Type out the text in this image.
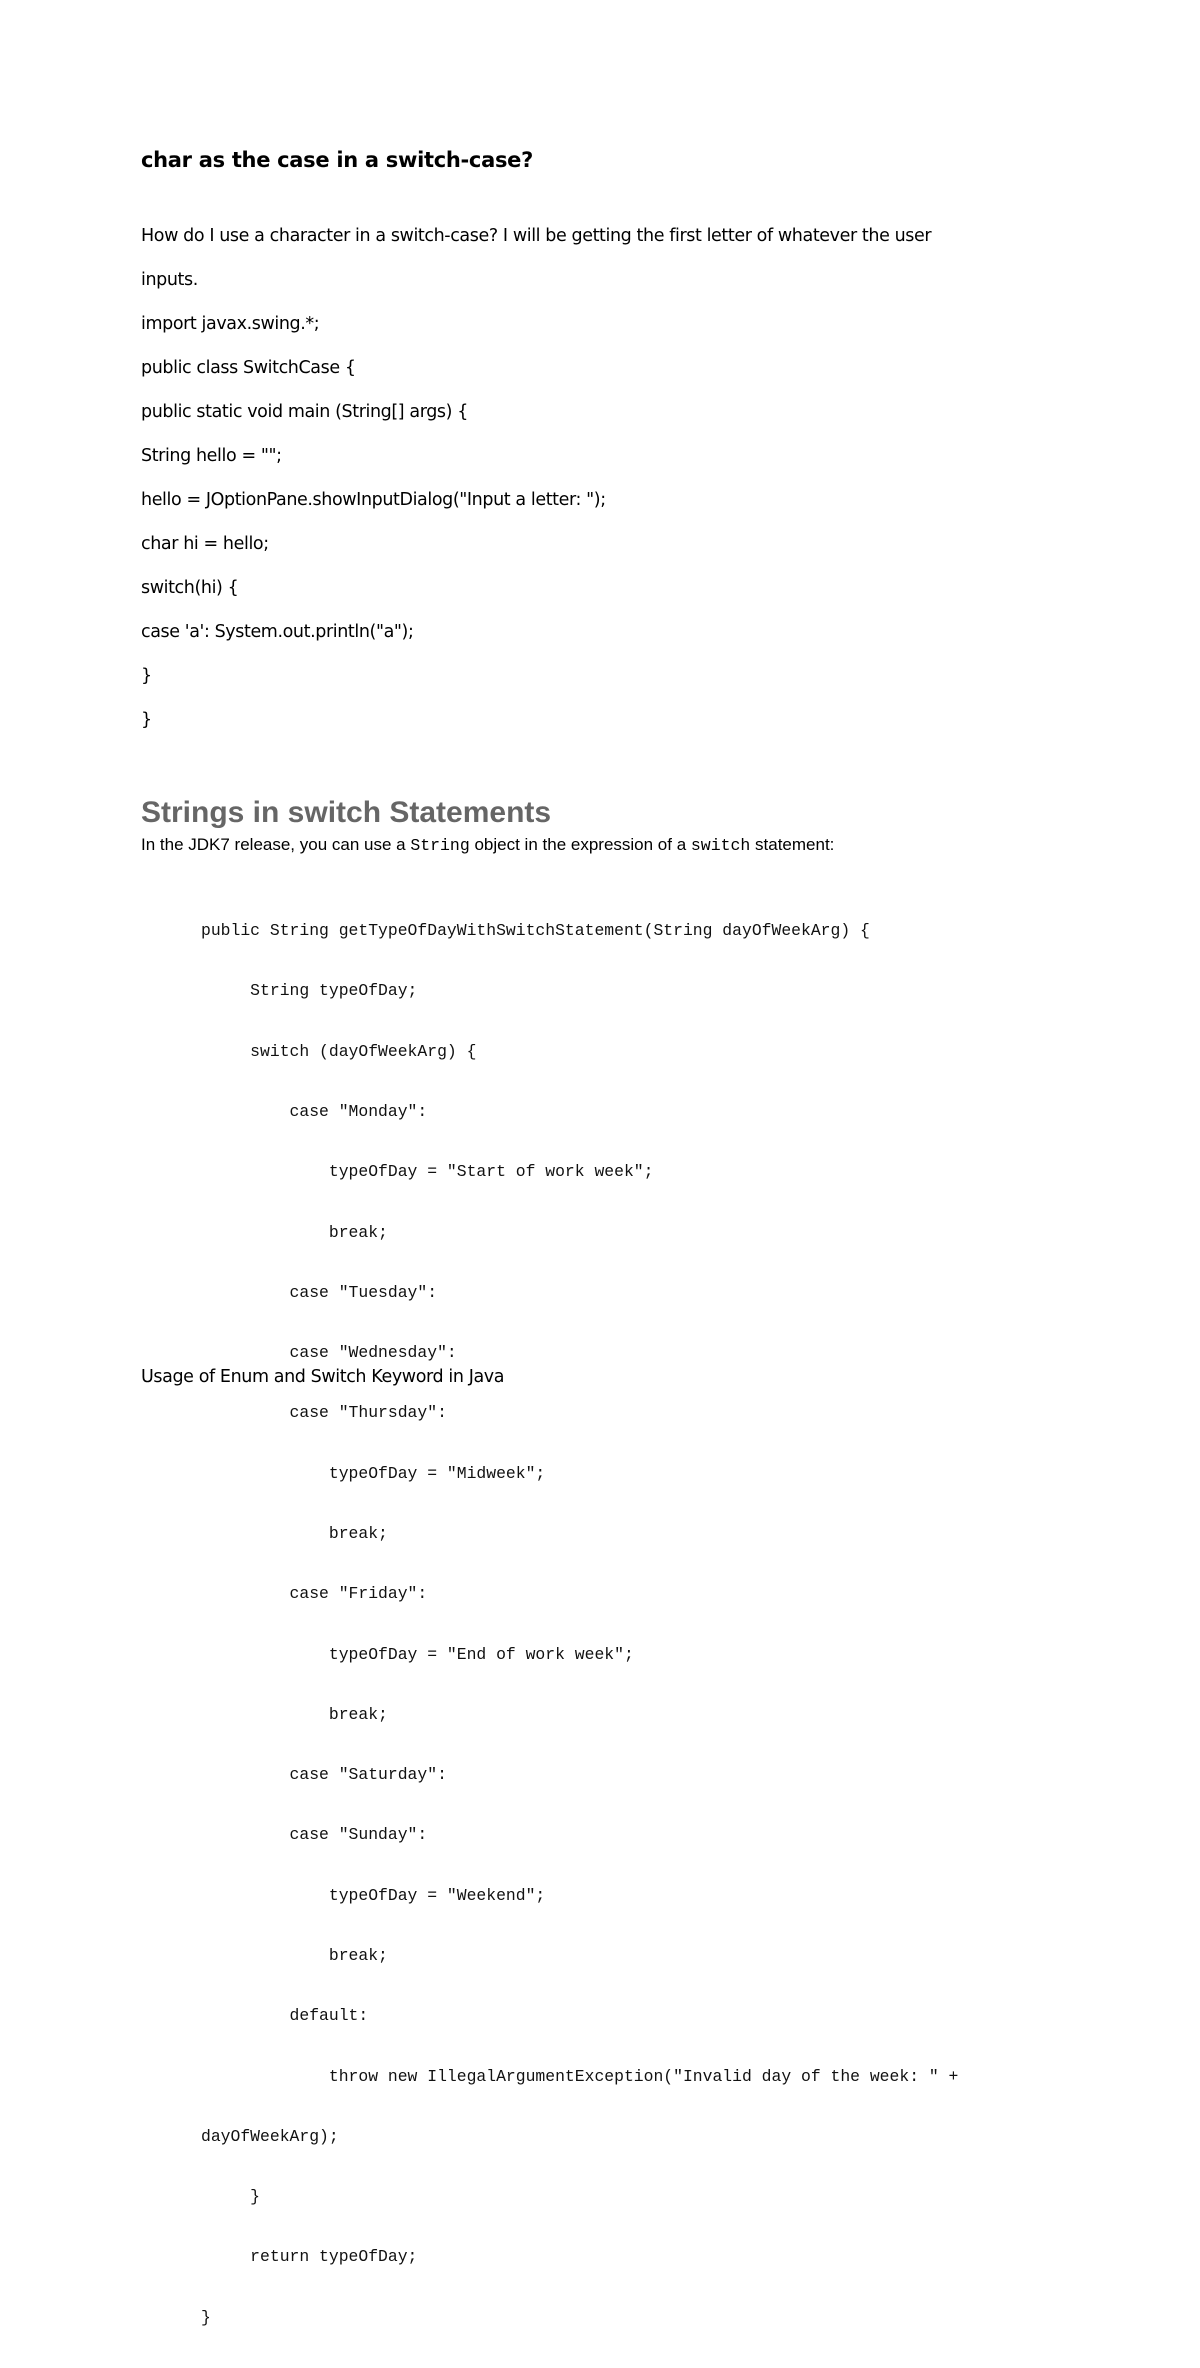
char as the case in a switch-case?

How do I use a character in a switch-case? I will be getting the first letter of whatever the user

inputs.

import javax.swing.*;

public class SwitchCase {

public static void main (String[] args) {

String hello = "";

hello = JOptionPane.showInputDialog("Input a letter: ");

char hi = hello;

switch(hi) {

case 'a': System.out.println("a");

}

}

Strings in switch Statements

In the JDK7 release, you can use a String object in the expression of a switch statement:

public String getTypeOfDayWithSwitchStatement(String dayOfWeekArg) {

String typeOfDay;

switch (dayOfWeekArg) {

case "Monday":

typeOfDay = "Start of work week";

break;

case "Tuesday":

case "Wednesday":

case "Thursday":

typeOfDay = "Midweek";

break;

case "Friday":

typeOfDay = "End of work week";

break;

case "Saturday":

case "Sunday":

typeOfDay = "Weekend";

break;

default:

throw new IllegalArgumentException("Invalid day of the week: " +

dayOfWeekArg);

}

return typeOfDay;

}

Usage of Enum and Switch Keyword in Java
